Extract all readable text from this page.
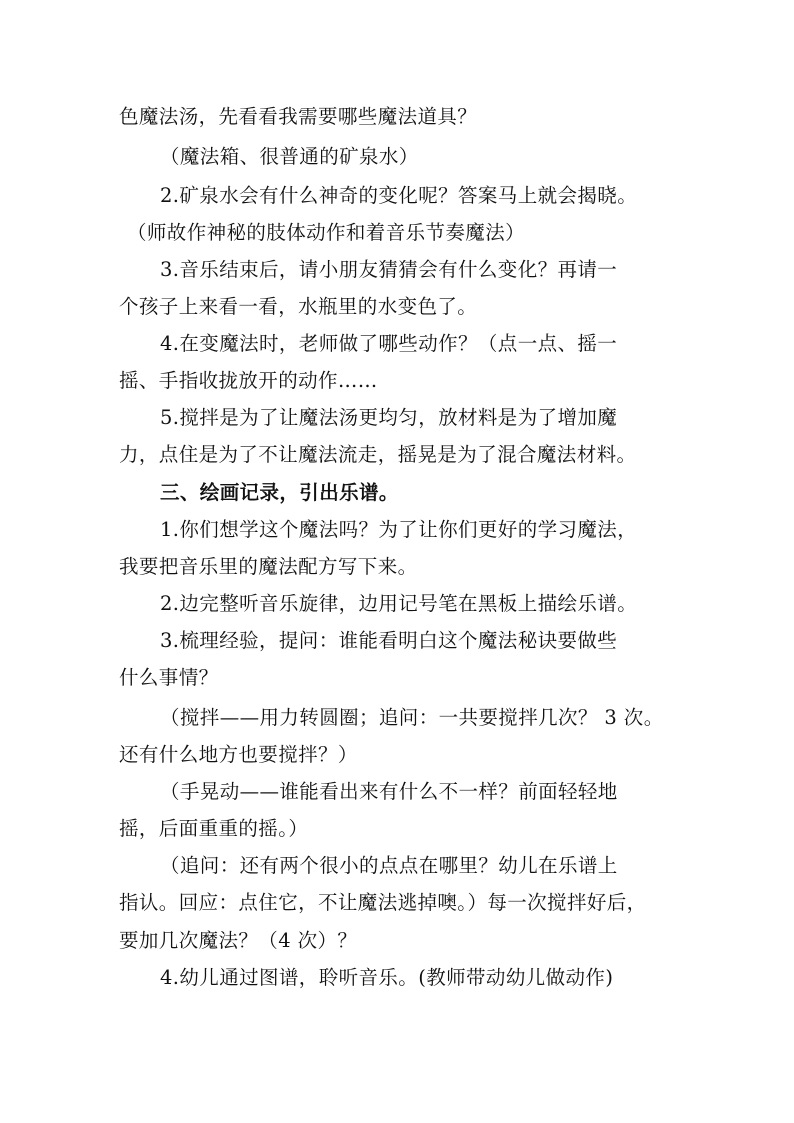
色魔法汤，先看看我需要哪些魔法道具？

（魔法箱、很普通的矿泉水）

2.矿泉水会有什么神奇的变化呢？答案马上就会揭晓。

（师故作神秘的肢体动作和着音乐节奏魔法）

3.音乐结束后，请小朋友猜猜会有什么变化？再请一

个孩子上来看一看，水瓶里的水变色了。

4.在变魔法时，老师做了哪些动作？（点一点、摇一

摇、手指收拢放开的动作……

5.搅拌是为了让魔法汤更均匀，放材料是为了增加魔

力，点住是为了不让魔法流走，摇晃是为了混合魔法材料。

三、绘画记录，引出乐谱。

1.你们想学这个魔法吗？为了让你们更好的学习魔法，

我要把音乐里的魔法配方写下来。

2.边完整听音乐旋律，边用记号笔在黑板上描绘乐谱。

3.梳理经验，提问：谁能看明白这个魔法秘诀要做些

什么事情？

（搅拌——用力转圆圈；追问：一共要搅拌几次？ 3 次。

还有什么地方也要搅拌？）

（手晃动——谁能看出来有什么不一样？前面轻轻地

摇，后面重重的摇。）

（追问：还有两个很小的点点在哪里？幼儿在乐谱上

指认。回应：点住它，不让魔法逃掉噢。）每一次搅拌好后，

要加几次魔法？（4 次）？

4.幼儿通过图谱，聆听音乐。(教师带动幼儿做动作)
